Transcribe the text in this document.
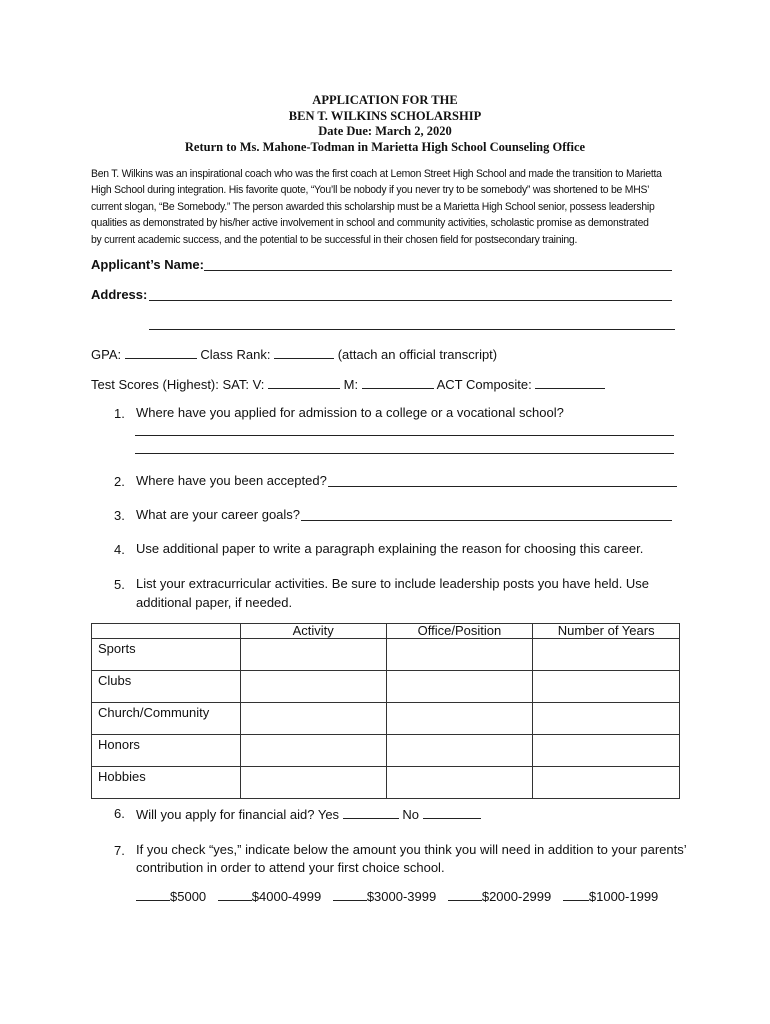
APPLICATION FOR THE
BEN T. WILKINS SCHOLARSHIP
Date Due: March 2, 2020
Return to Ms. Mahone-Todman in Marietta High School Counseling Office
Ben T. Wilkins was an inspirational coach who was the first coach at Lemon Street High School and made the transition to Marietta
High School during integration. His favorite quote, “You’ll be nobody if you never try to be somebody” was shortened to be MHS’
current slogan, “Be Somebody.” The person awarded this scholarship must be a Marietta High School senior, possess leadership
qualities as demonstrated by his/her active involvement in school and community activities, scholastic promise as demonstrated
by current academic success, and the potential to be successful in their chosen field for postsecondary training.
Applicant’s Name:
Address:
GPA:	Class Rank:	(attach an official transcript)
Test Scores (Highest): SAT: V:	M:	ACT Composite:
1. Where have you applied for admission to a college or a vocational school?
2. Where have you been accepted?
3. What are your career goals?
4. Use additional paper to write a paragraph explaining the reason for choosing this career.
5. List your extracurricular activities. Be sure to include leadership posts you have held. Use
additional paper, if needed.
	Activity	Office/Position	Number of Years
Sports			
Clubs			
Church/Community			
Honors			
Hobbies			
6. Will you apply for financial aid? Yes	No
7. If you check “yes,” indicate below the amount you think you will need in addition to your parents’
contribution in order to attend your first choice school.
$5000	$4000-4999	$3000-3999	$2000-2999	$1000-1999
